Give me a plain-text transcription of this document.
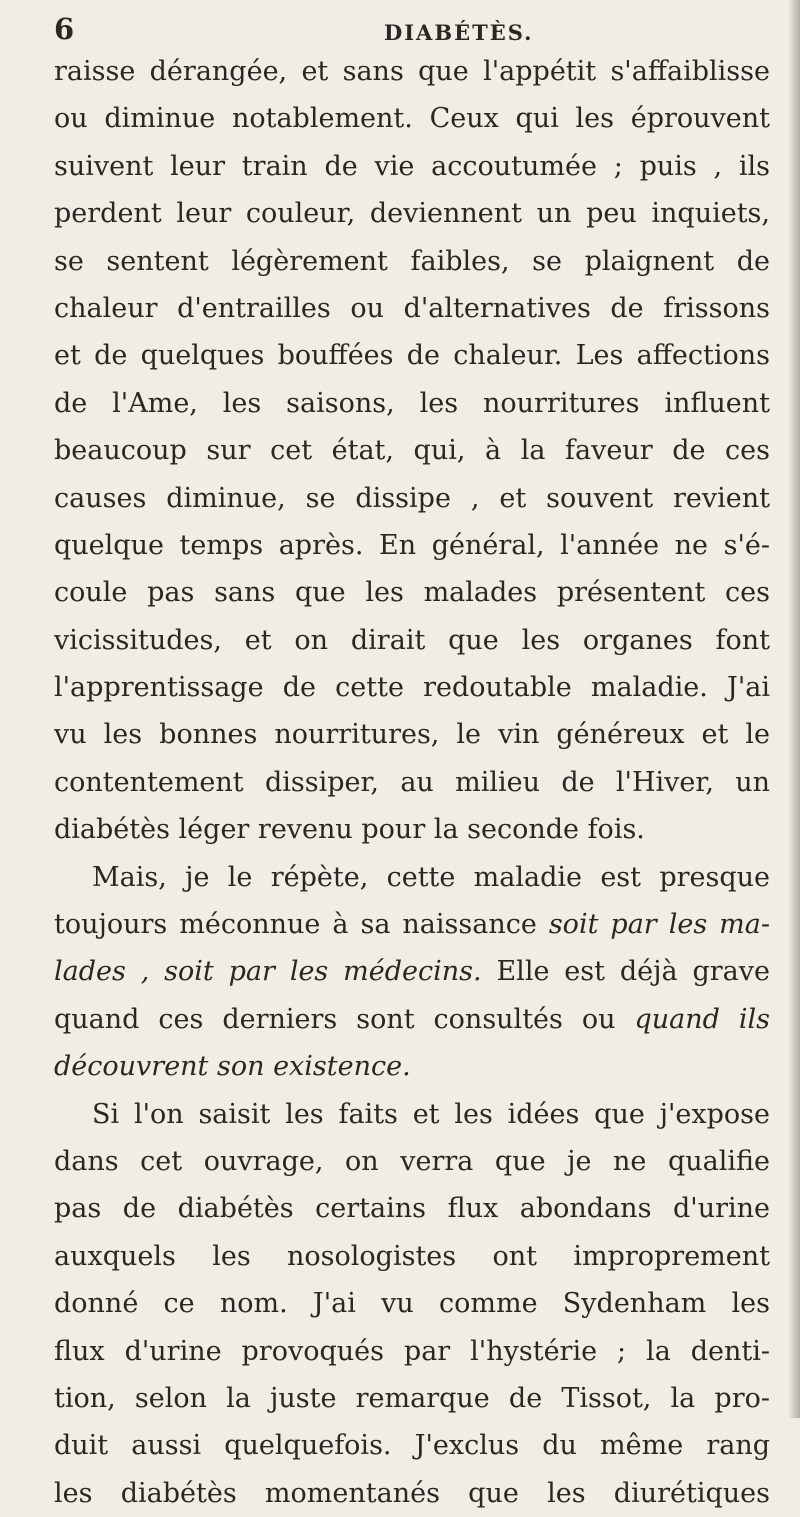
6	DIABÉTÈS.
raisse dérangée, et sans que l'appétit s'affaiblisse
ou diminue notablement. Ceux qui les éprouvent
suivent leur train de vie accoutumée ; puis , ils
perdent leur couleur, deviennent un peu inquiets,
se sentent légèrement faibles, se plaignent de
chaleur d'entrailles ou d'alternatives de frissons
et de quelques bouffées de chaleur. Les affections
de l'Ame, les saisons, les nourritures influent
beaucoup sur cet état, qui, à la faveur de ces
causes diminue, se dissipe , et souvent revient
quelque temps après. En général, l'année ne s'é-
coule pas sans que les malades présentent ces
vicissitudes, et on dirait que les organes font
l'apprentissage de cette redoutable maladie. J'ai
vu les bonnes nourritures, le vin généreux et le
contentement dissiper, au milieu de l'Hiver, un
diabétès léger revenu pour la seconde fois.
Mais, je le répète, cette maladie est presque
toujours méconnue à sa naissance soit par les ma-
lades , soit par les médecins. Elle est déjà grave
quand ces derniers sont consultés ou quand ils
découvrent son existence.
Si l'on saisit les faits et les idées que j'expose
dans cet ouvrage, on verra que je ne qualifie
pas de diabétès certains flux abondans d'urine
auxquels les nosologistes ont improprement
donné ce nom. J'ai vu comme Sydenham les
flux d'urine provoqués par l'hystérie ; la denti-
tion, selon la juste remarque de Tissot, la pro-
duit aussi quelquefois. J'exclus du même rang
les diabétès momentanés que les diurétiques
